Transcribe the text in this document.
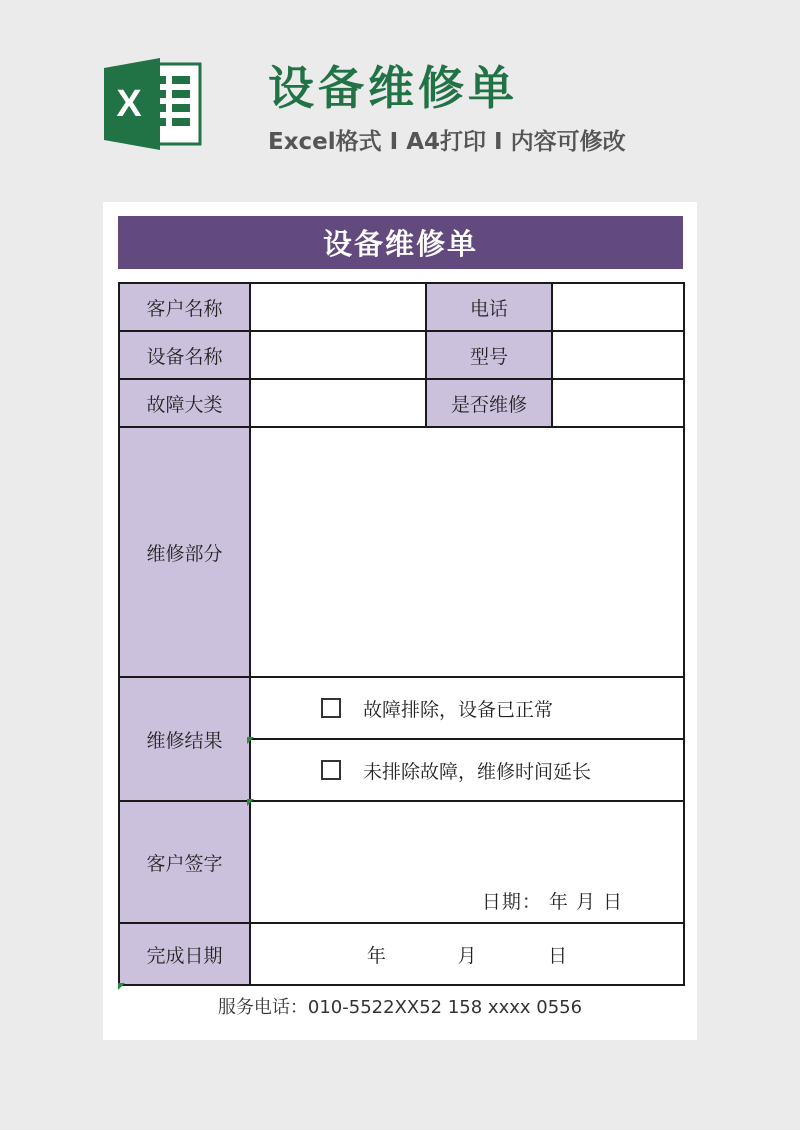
X	设备维修单
Excel格式 I A4打印 I 内容可修改
设备维修单
客户名称		电话	
设备名称		型号	
故障大类		是否维修	
维修部分			
维修结果	故障排除，设备已正常		

	未排除故障，维修时间延长		

客户签字	日期： 年 月 日		

完成日期	年 月 日		
服务电话：010-5522XX52 158 xxxx 0556
